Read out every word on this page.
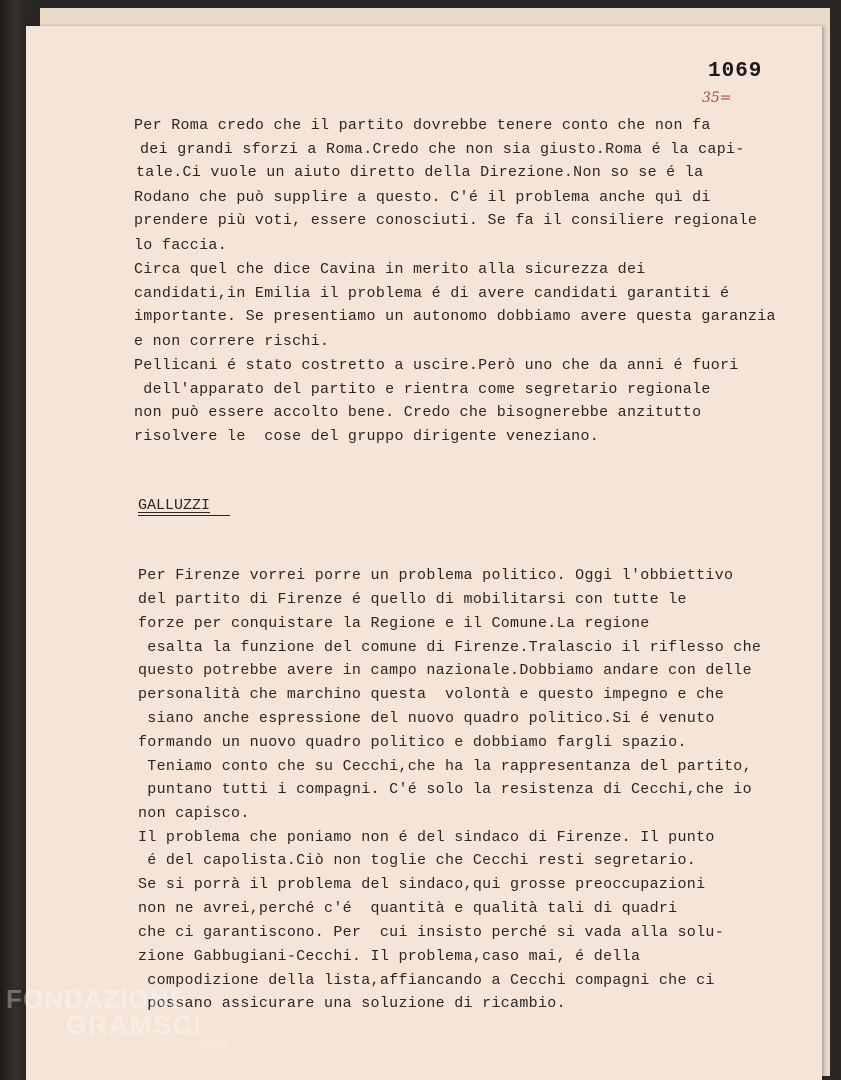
1069
35=
Per Roma credo che il partito dovrebbe tenere conto che non fa
dei grandi sforzi a Roma.Credo che non sia giusto.Roma é la capi-
tale.Ci vuole un aiuto diretto della Direzione.Non so se é la
Rodano che può supplire a questo. C'é il problema anche quì di
prendere più voti, essere conosciuti. Se fa il consiliere regionale
lo faccia.
Circa quel che dice Cavina in merito alla sicurezza dei
candidati,in Emilia il problema é di avere candidati garantiti é
importante. Se presentiamo un autonomo dobbiamo avere questa garanzia
e non correre rischi.
Pellicani é stato costretto a uscire.Però uno che da anni é fuori
dell'apparato del partito e rientra come segretario regionale
non può essere accolto bene. Credo che bisognerebbe anzitutto
risolvere le  cose del gruppo dirigente veneziano.
GALLUZZI
Per Firenze vorrei porre un problema politico. Oggi l'obbiettivo
del partito di Firenze é quello di mobilitarsi con tutte le
forze per conquistare la Regione e il Comune.La regione
esalta la funzione del comune di Firenze.Tralascio il riflesso che
questo potrebbe avere in campo nazionale.Dobbiamo andare con delle
personalità che marchino questa  volontà e questo impegno e che
siano anche espressione del nuovo quadro politico.Si é venuto
formando un nuovo quadro politico e dobbiamo fargli spazio.
Teniamo conto che su Cecchi,che ha la rappresentanza del partito,
puntano tutti i compagni. C'é solo la resistenza di Cecchi,che io
non capisco.
Il problema che poniamo non é del sindaco di Firenze. Il punto
é del capolista.Ciò non toglie che Cecchi resti segretario.
Se si porrà il problema del sindaco,qui grosse preoccupazioni
non ne avrei,perché c'é  quantità e qualità tali di quadri
che ci garantiscono. Per  cui insisto perché si vada alla solu-
zione Gabbugiani-Cecchi. Il problema,caso mai, é della
compodizione della lista,affiancando a Cecchi compagni che ci
possano assicurare una soluzione di ricambio.
FONDAZIONE
GRAMSCI
ONLUS
